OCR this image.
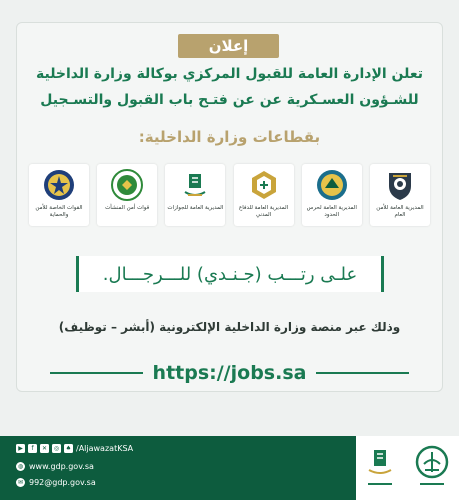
إعلان
تعلن الإدارة العامة للقبول المركزي بوكالة وزارة الداخلية
للشـؤون العسـكرية عن عن فتـح باب القبول والتسـجيل
بقطاعات وزارة الداخلية:
المديرية العامة للأمن العام
المديرية العامة لحرس الحدود
المديرية العامة للدفاع المدني
المديرية العامة للجوازات
قوات أمن المنشآت
القوات الخاصة للأمن والحماية
علـى رتـــب (جـنـدي) للـــرجـــال.
وذلك عبر منصة وزارة الداخلية الإلكترونية (أبشر – توظيف)
https://jobs.sa
▶	f	✕	◎	♠ /AljawazatKSA
◍ www.gdp.gov.sa
✉ 992@gdp.gov.sa
